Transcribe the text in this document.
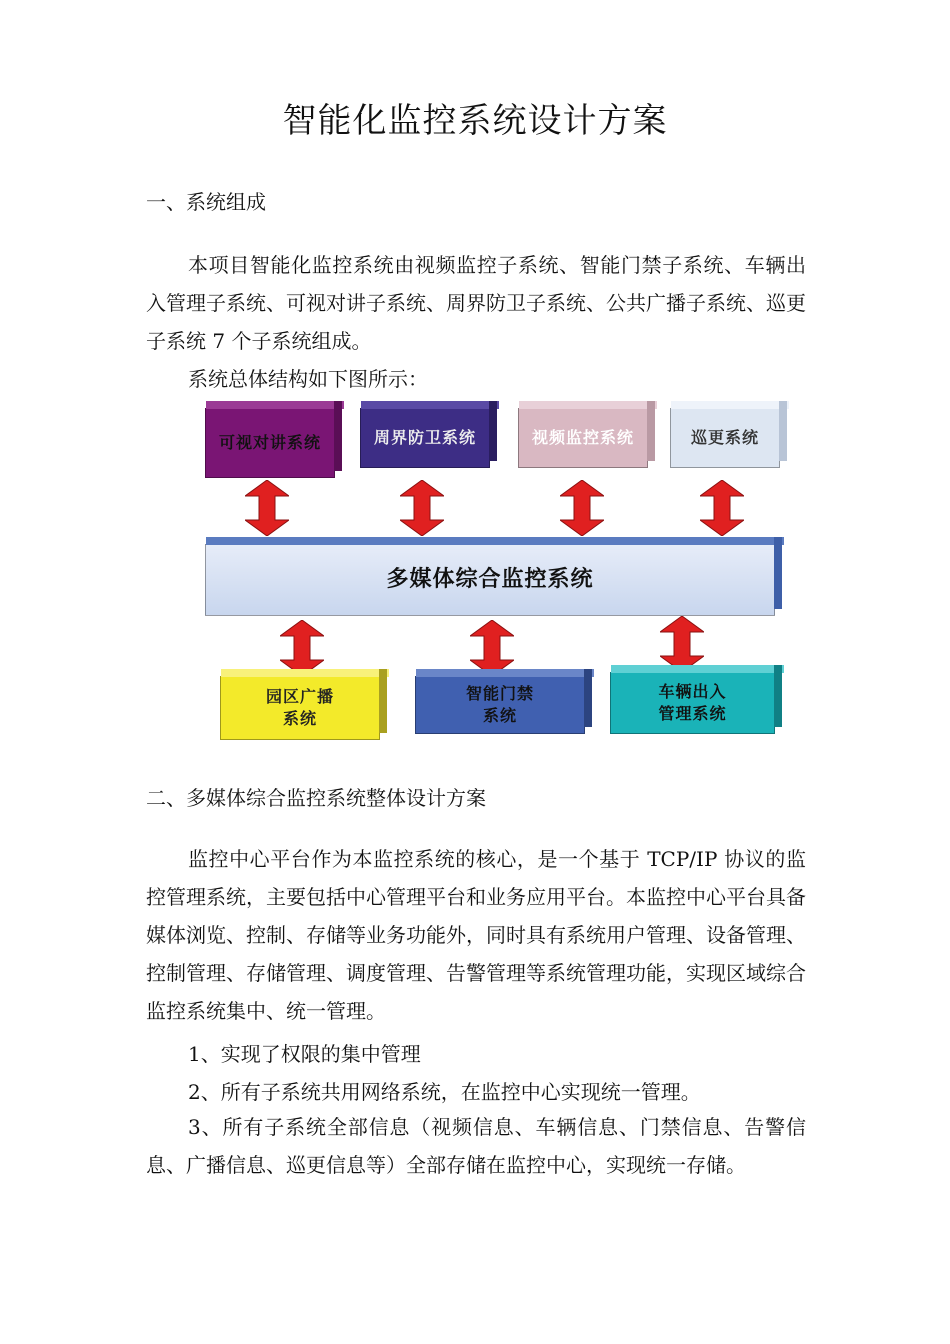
智能化监控系统设计方案
一、系统组成
本项目智能化监控系统由视频监控子系统、智能门禁子系统、车辆出入管理子系统、可视对讲子系统、周界防卫子系统、公共广播子系统、巡更子系统 7 个子系统组成。
系统总体结构如下图所示：
可视对讲系统	周界防卫系统	视频监控系统	巡更系统
多媒体综合监控系统
园区广播
系统
智能门禁
系统
车辆出入
管理系统
二、多媒体综合监控系统整体设计方案
监控中心平台作为本监控系统的核心，是一个基于 TCP/IP 协议的监控管理系统，主要包括中心管理平台和业务应用平台。本监控中心平台具备媒体浏览、控制、存储等业务功能外，同时具有系统用户管理、设备管理、控制管理、存储管理、调度管理、告警管理等系统管理功能，实现区域综合监控系统集中、统一管理。
1、实现了权限的集中管理
2、所有子系统共用网络系统，在监控中心实现统一管理。
3、所有子系统全部信息（视频信息、车辆信息、门禁信息、告警信息、广播信息、巡更信息等）全部存储在监控中心，实现统一存储。
